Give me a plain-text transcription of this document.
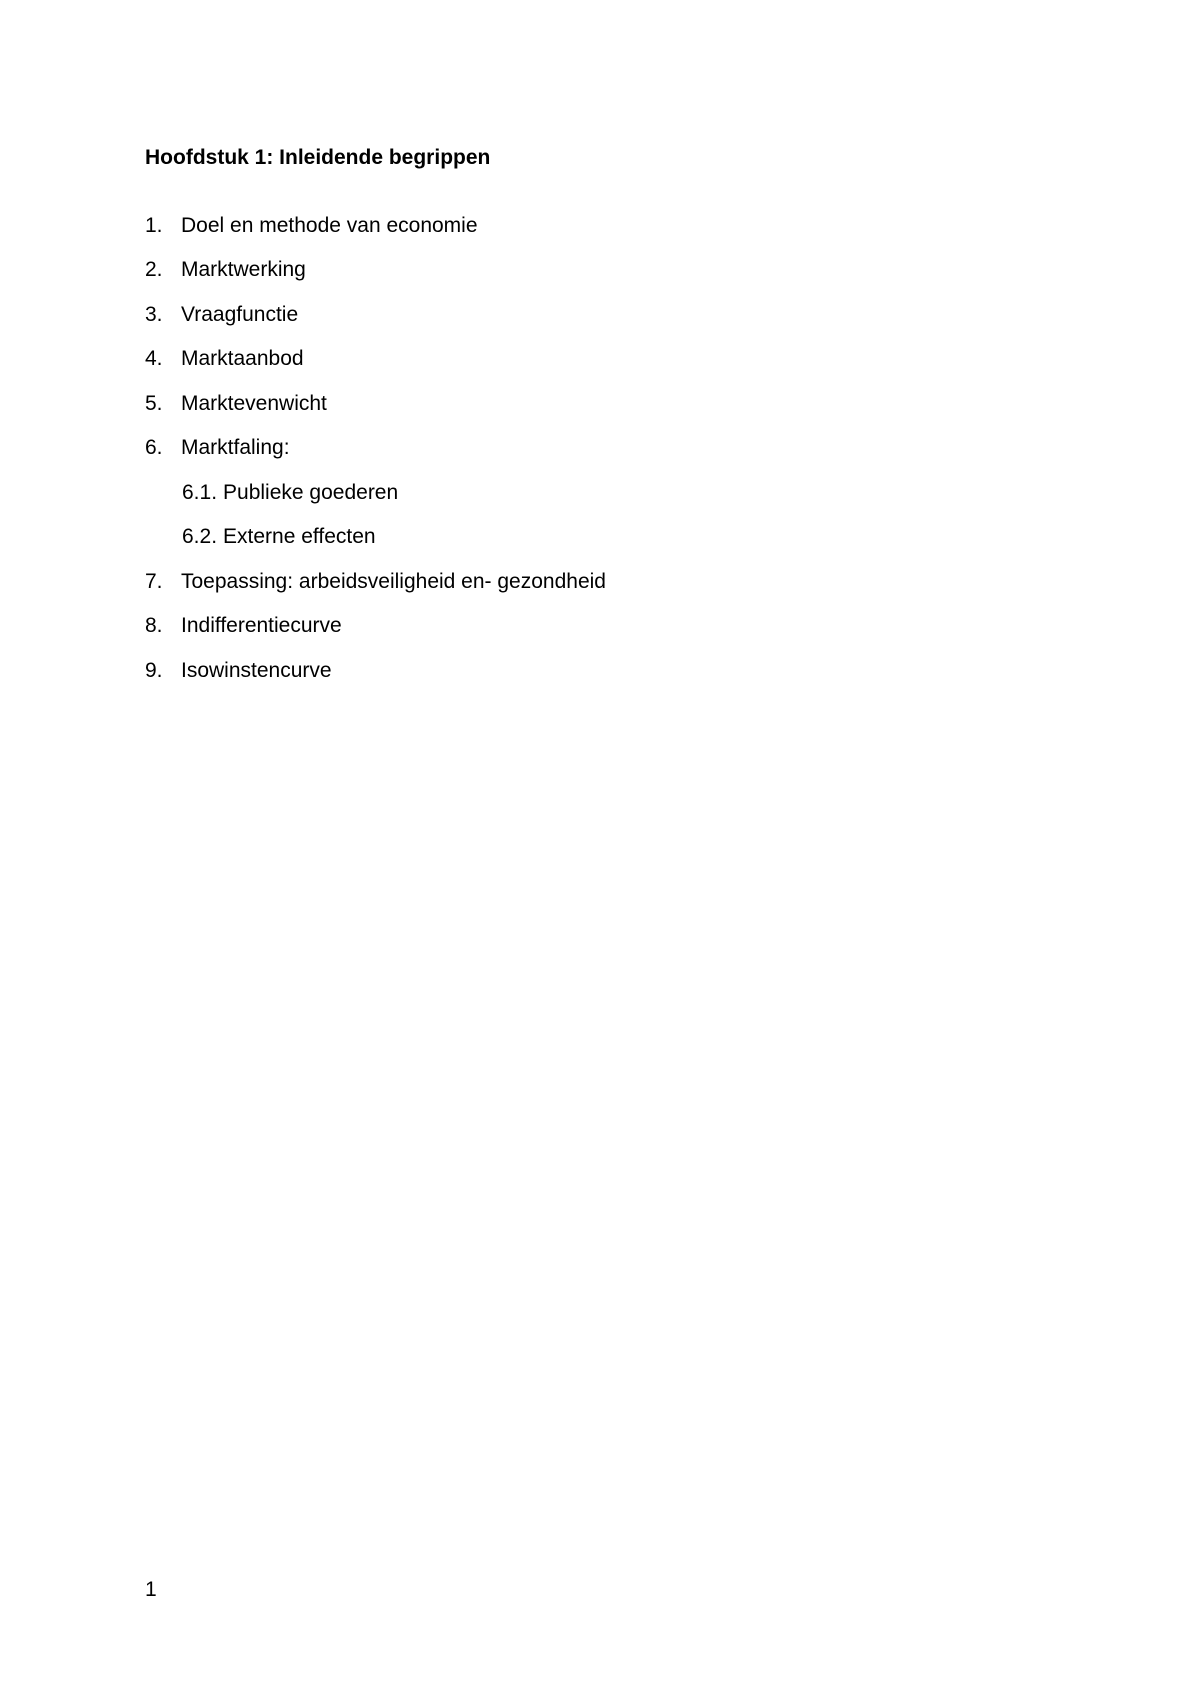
Hoofdstuk 1: Inleidende begrippen
1. Doel en methode van economie
2. Marktwerking
3. Vraagfunctie
4. Marktaanbod
5. Marktevenwicht
6. Marktfaling:
6.1. Publieke goederen
6.2. Externe effecten
7. Toepassing: arbeidsveiligheid en- gezondheid
8. Indifferentiecurve
9. Isowinstencurve
1
